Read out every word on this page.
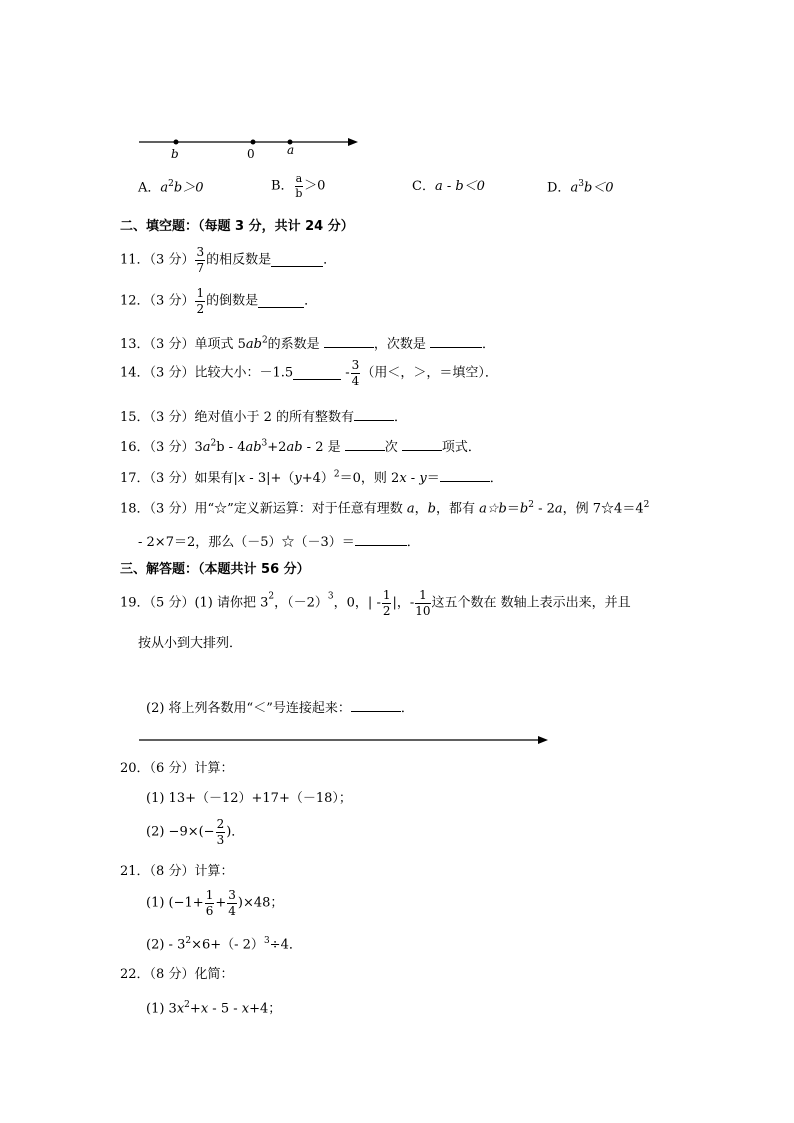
b	0	a
A．$a^2b>0$	B． $\frac{a}{b} >0$	C．a - b＜0	D．$a^3b<0$
二、填空题：（每题 3 分，共计 24 分）
11．（3 分） $\frac{3}{7}$ 的相反数是	．
12．（3 分） $\frac{1}{2}$ 的倒数是	．
13．（3 分）单项式 $5ab^2$的系数是	，次数是	．
14．（3 分）比较大小：－1.5	- $\frac{3}{4}$ （用＜，＞，＝填空）．
15．（3 分）绝对值小于 2 的所有整数有	．
16．（3 分）$3a^2b - 4ab^3+2ab - 2$ 是	次	项式．
17．（3 分）如果有$|x - 3|+(y+4)^2=0$，则 2x - y＝	．
18．（3 分）用“☆”定义新运算：对于任意有理数 a，b，都有 $a☆b=b^2 - 2a$，例 $7☆4=4^2$
- 2×7＝2，那么（－5）☆（－3）＝	．
三、解答题：（本题共计 56 分）
19．（5 分）(1) 请你把 $3^2$，$(-2)^3$，0，| - $\frac{1}{2}$ |，- $\frac{1}{10}$ 这五个数在 数轴上表示出来，并且
按从小到大排列．
(2) 将上列各数用“＜”号连接起来：	．
20．（6 分）计算：
(1) 13+（－12）+17+（－18）；
$(2) -9\times(- \frac{2}{3}$ )．
21．（8 分）计算：
(1) $(-1+ \frac{1}{6} + \frac{3}{4} )\times 48$；
$(2) - 3^2\times 6+(-$ 2）$^3$÷4．
22．（8 分）化简：
(1) $3x^2+x - 5 - x+4$；
